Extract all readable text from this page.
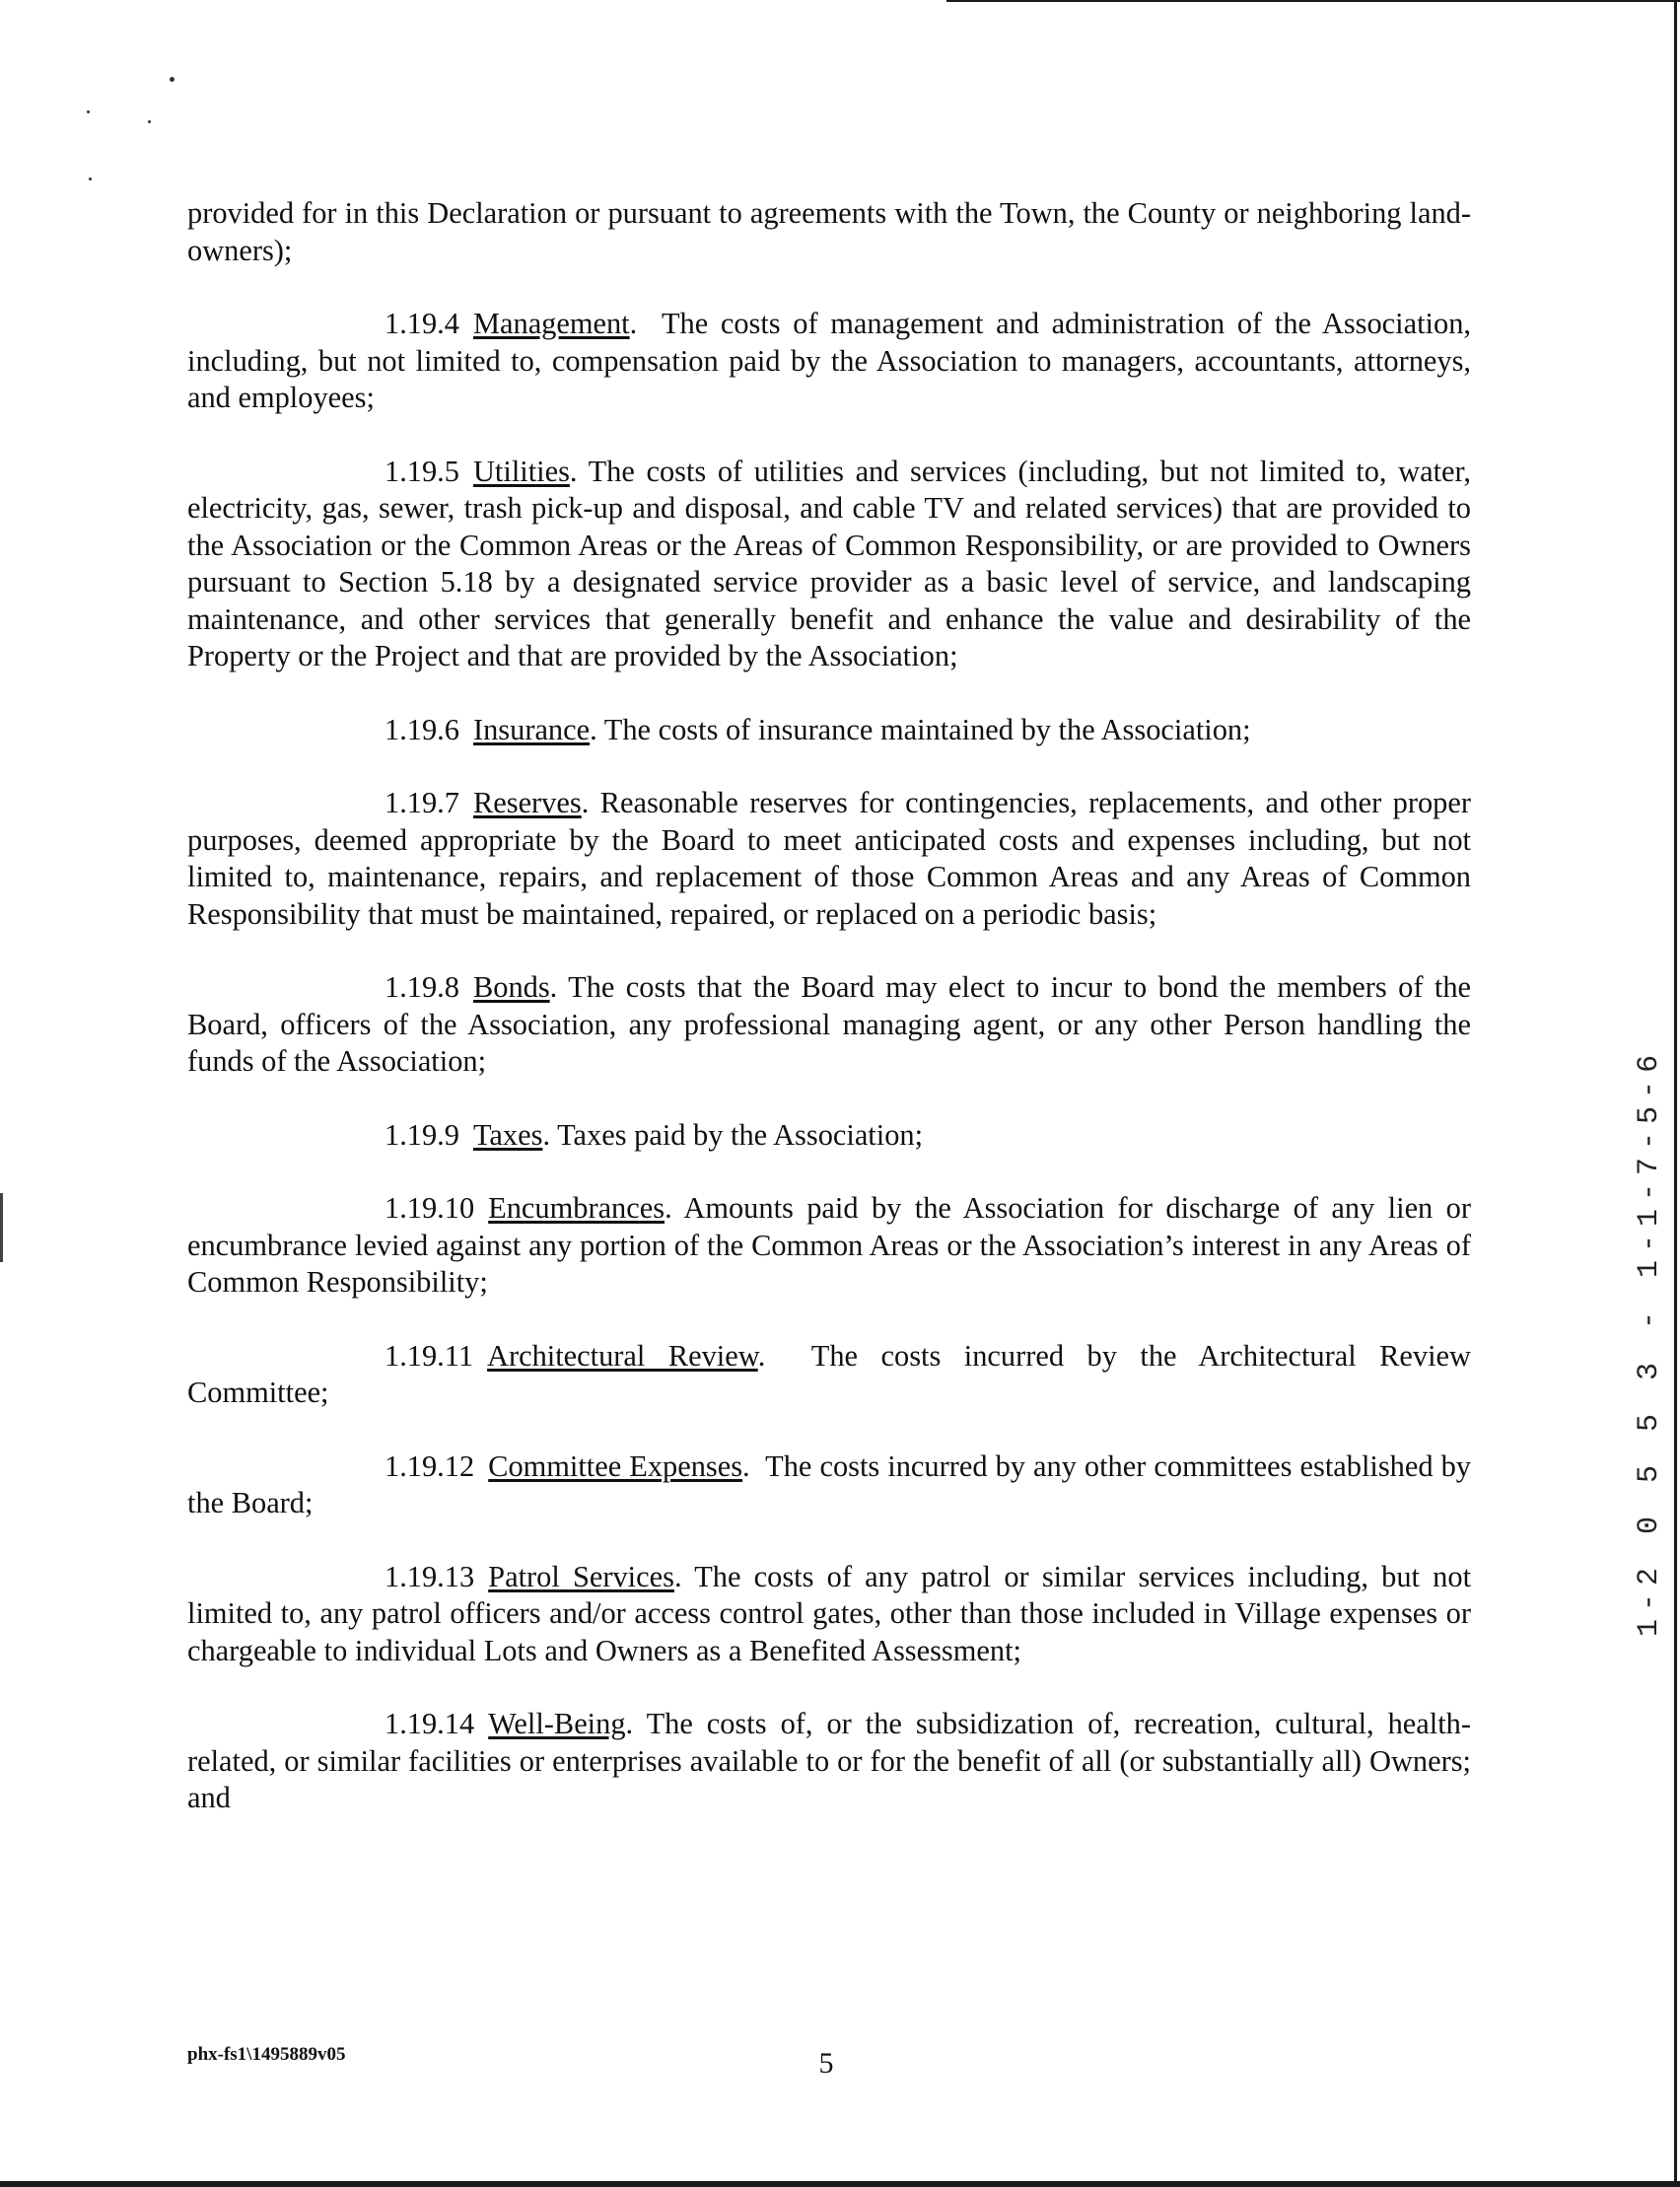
provided for in this Declaration or pursuant to agreements with the Town, the County or neighboring land-owners);

1.19.4 Management.  The costs of management and administration of the Association, including, but not limited to, compensation paid by the Association to managers, accountants, attorneys, and employees;

1.19.5 Utilities. The costs of utilities and services (including, but not limited to, water, electricity, gas, sewer, trash pick-up and disposal, and cable TV and related services) that are provided to the Association or the Common Areas or the Areas of Common Responsibility, or are provided to Owners pursuant to Section 5.18 by a designated service provider as a basic level of service, and landscaping maintenance, and other services that generally benefit and enhance the value and desirability of the Property or the Project and that are provided by the Association;

1.19.6 Insurance. The costs of insurance maintained by the Association;

1.19.7 Reserves. Reasonable reserves for contingencies, replacements, and other proper purposes, deemed appropriate by the Board to meet anticipated costs and expenses including, but not limited to, maintenance, repairs, and replacement of those Common Areas and any Areas of Common Responsibility that must be maintained, repaired, or replaced on a periodic basis;

1.19.8 Bonds. The costs that the Board may elect to incur to bond the members of the Board, officers of the Association, any professional managing agent, or any other Person handling the funds of the Association;

1.19.9 Taxes. Taxes paid by the Association;

1.19.10 Encumbrances. Amounts paid by the Association for discharge of any lien or encumbrance levied against any portion of the Common Areas or the Association’s interest in any Areas of Common Responsibility;

1.19.11 Architectural Review.  The costs incurred by the Architectural Review Committee;

1.19.12 Committee Expenses.  The costs incurred by any other committees established by the Board;

1.19.13 Patrol Services. The costs of any patrol or similar services including, but not limited to, any patrol officers and/or access control gates, other than those included in Village expenses or chargeable to individual Lots and Owners as a Benefited Assessment;

1.19.14 Well-Being. The costs of, or the subsidization of, recreation, cultural, health-related, or similar facilities or enterprises available to or for the benefit of all (or substantially all) Owners; and

phx-fs1\1495889v05	5
1-2 0 5 5 3 - 1-1-7-5-6
